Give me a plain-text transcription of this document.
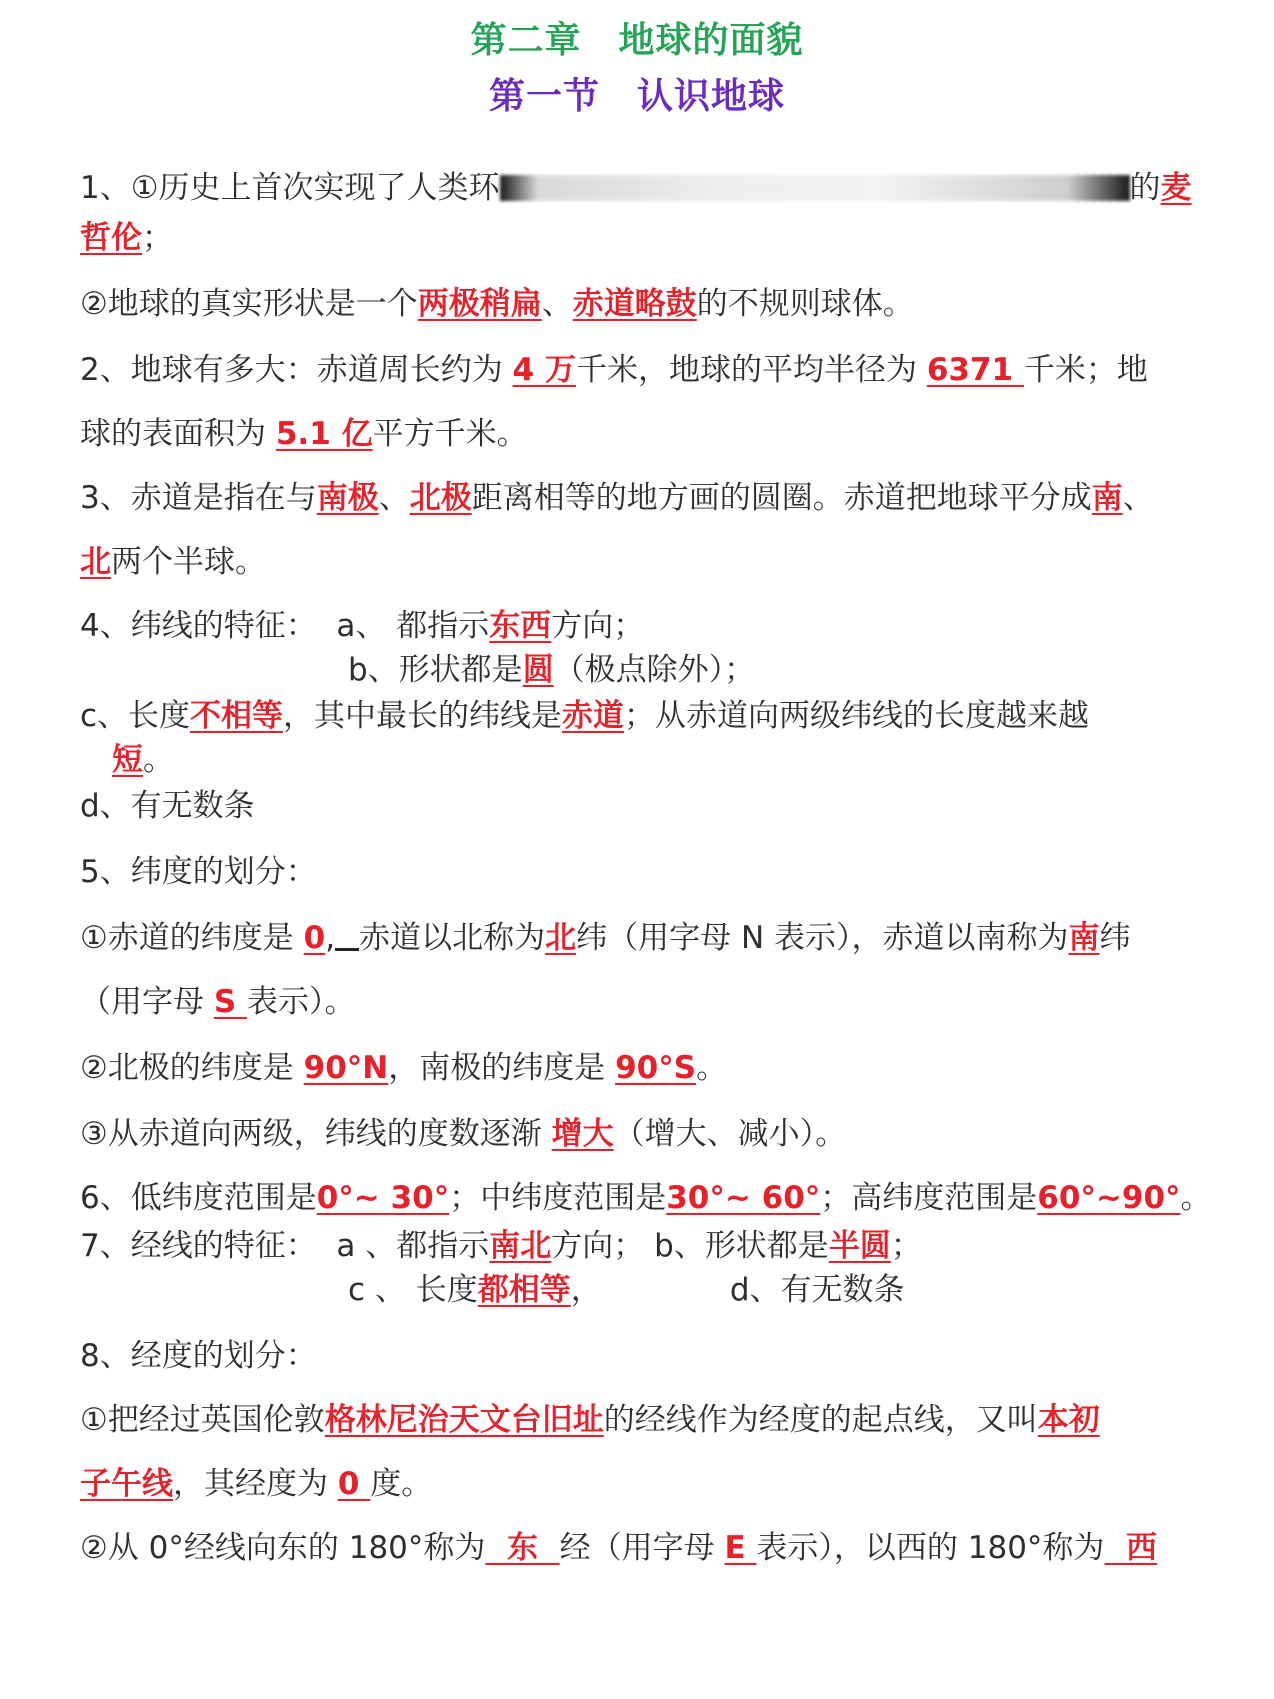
第二章　地球的面貌
第一节　认识地球
1、①历史上首次实现了人类环	的麦
哲伦；
②地球的真实形状是一个两极稍扁、赤道略鼓的不规则球体。
2、地球有多大：赤道周长约为 4 万千米，地球的平均半径为 6371 千米；地
球的表面积为 5.1 亿平方千米。
3、赤道是指在与南极、北极距离相等的地方画的圆圈。赤道把地球平分成南、
北两个半球。
4、纬线的特征：  a、 都指示东西方向；
b、形状都是圆（极点除外）；
c、长度不相等，其中最长的纬线是赤道；从赤道向两级纬线的长度越来越
短。
d、有无数条
5、纬度的划分：
①赤道的纬度是 0, 赤道以北称为北纬（用字母 N 表示），赤道以南称为南纬
（用字母 S 表示）。
②北极的纬度是 90°N，南极的纬度是 90°S。
③从赤道向两级，纬线的度数逐渐 增大（增大、减小）。
6、低纬度范围是0°~ 30°；中纬度范围是30°~ 60°；高纬度范围是60°~90°。
7、经线的特征：  a 、都指示南北方向； b、形状都是半圆；
c 、 长度都相等，             d、有无数条
8、经度的划分：
①把经过英国伦敦格林尼治天文台旧址的经线作为经度的起点线，又叫本初
子午线，其经度为 0 度。
②从 0°经线向东的 180°称为  东  经（用字母 E 表示），以西的 180°称为  西
